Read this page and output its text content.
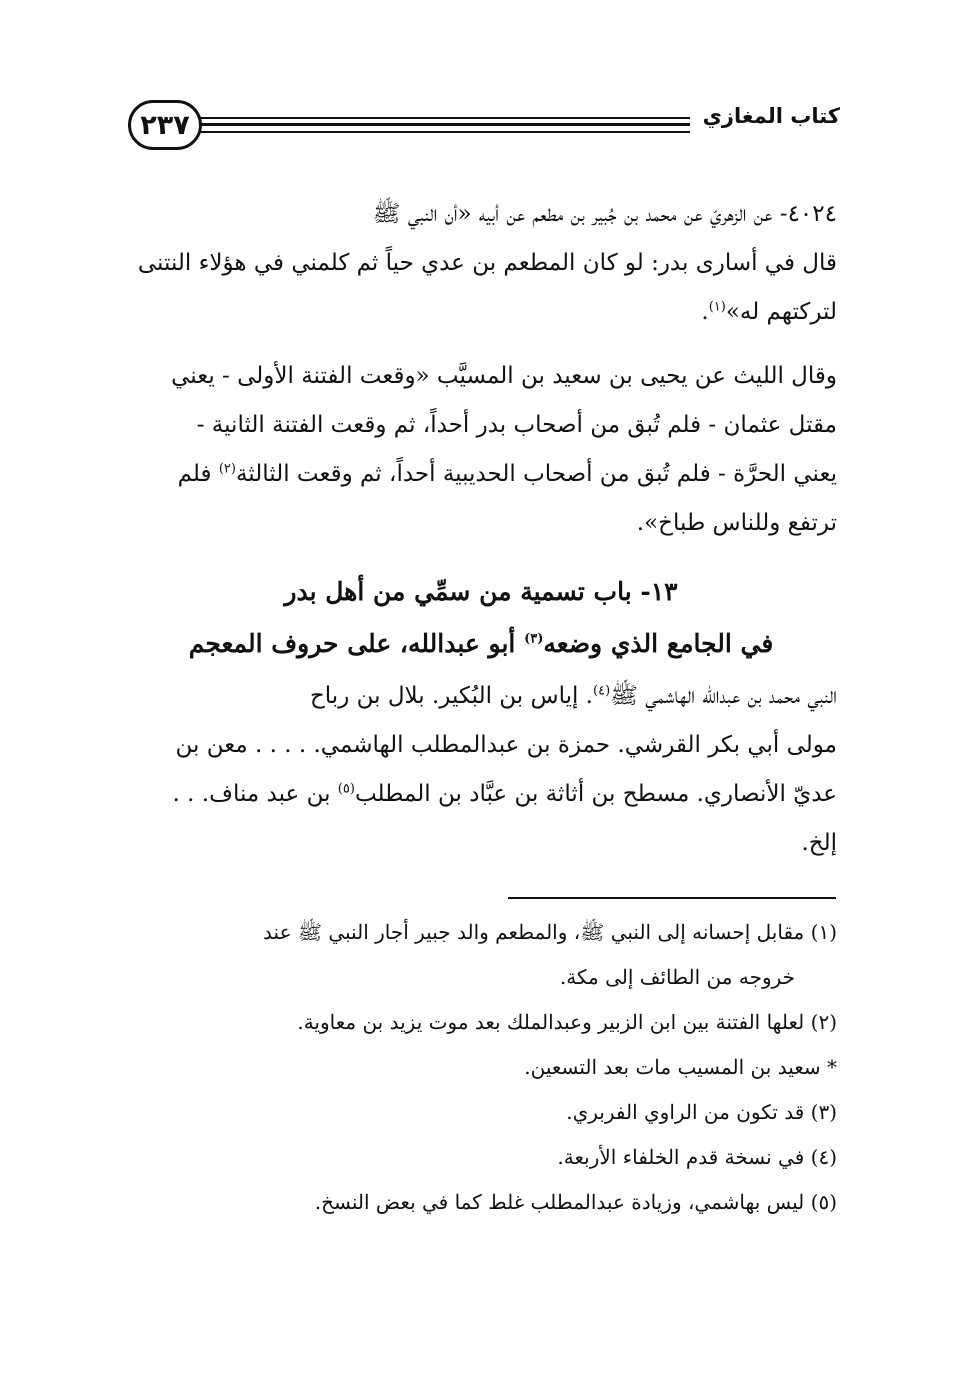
٢٣٧	كتاب المغازي
٤٠٢٤- عن الزهريّ عن محمد بن جُبير بن مطعم عن أبيه «أن النبي ﷺ
قال في أسارى بدر: لو كان المطعم بن عدي حياً ثم كلمني في هؤلاء النتنى
لتركتهم له»$^{(١)}$.
وقال الليث عن يحيى بن سعيد بن المسيَّب «وقعت الفتنة الأولى - يعني
مقتل عثمان - فلم تُبق من أصحاب بدر أحداً، ثم وقعت الفتنة الثانية -
يعني الحرَّة - فلم تُبق من أصحاب الحديبية أحداً، ثم وقعت الثالثة$^{(٢)}$ فلم
ترتفع وللناس طباخ».
١٣- باب تسمية من سمِّي من أهل بدر
في الجامع الذي وضعه$^{(٣)}$ أبو عبدالله، على حروف المعجم
النبي محمد بن عبدالله الهاشمي ﷺ$^{(٤)}$. إياس بن البُكير. بلال بن رباح
مولى أبي بكر القرشي. حمزة بن عبدالمطلب الهاشمي. . . . . معن بن
عديّ الأنصاري. مسطح بن أثاثة بن عبَّاد بن المطلب$^{(٥)}$ بن عبد مناف. . .
إلخ.
(١) مقابل إحسانه إلى النبي ﷺ، والمطعم والد جبير أجار النبي ﷺ عند
خروجه من الطائف إلى مكة.
(٢) لعلها الفتنة بين ابن الزبير وعبدالملك بعد موت يزيد بن معاوية.
* سعيد بن المسيب مات بعد التسعين.
(٣) قد تكون من الراوي الفربري.
(٤) في نسخة قدم الخلفاء الأربعة.
(٥) ليس بهاشمي، وزيادة عبدالمطلب غلط كما في بعض النسخ.
